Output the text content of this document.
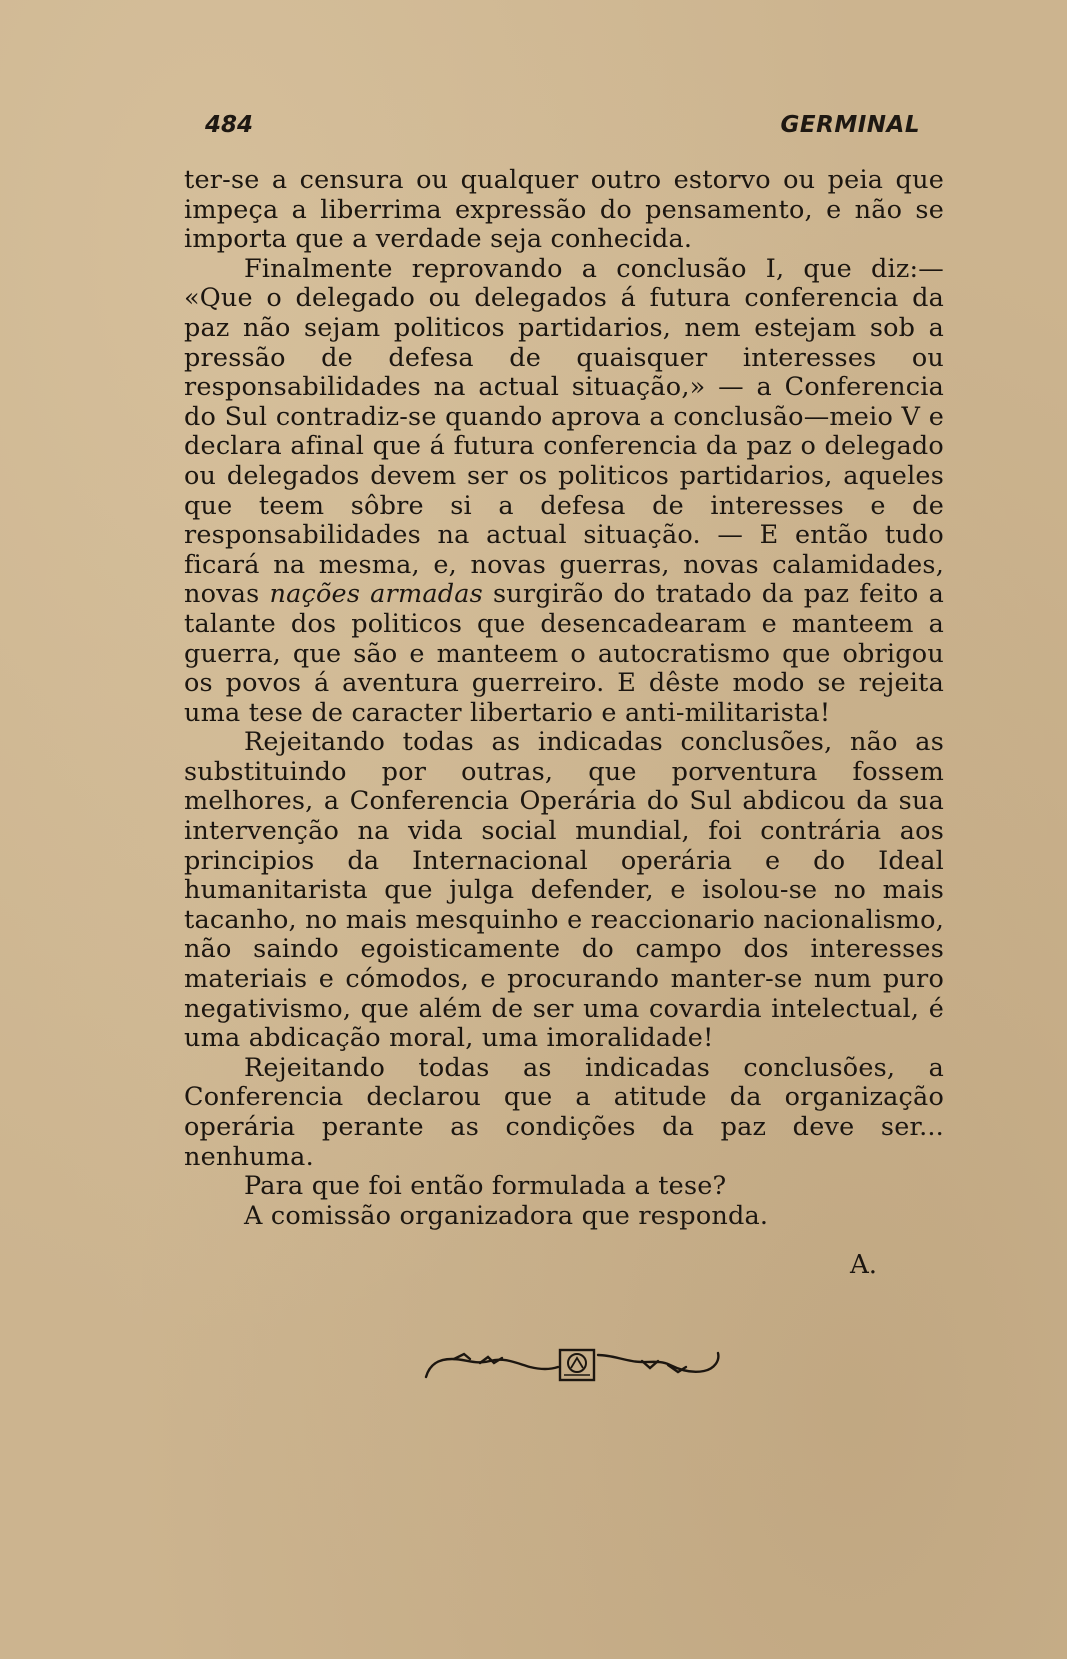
484	GERMINAL

ter-se a censura ou qualquer outro estorvo ou peia que impeça a liberrima expressão do pensamento, e não se importa que a verdade seja conhecida.

Finalmente reprovando a conclusão I, que diz:— «Que o delegado ou delegados á futura conferencia da paz não sejam politicos partidarios, nem estejam sob a pressão de defesa de quaisquer interesses ou responsabilidades na actual situação,» — a Conferencia do Sul contradiz-se quando aprova a conclusão—meio V e declara afinal que á futura conferencia da paz o delegado ou delegados devem ser os politicos partidarios, aqueles que teem sôbre si a defesa de interesses e de responsabilidades na actual situação. — E então tudo ficará na mesma, e, novas guerras, novas calamidades, novas nações armadas surgirão do tratado da paz feito a talante dos politicos que desencadearam e manteem a guerra, que são e manteem o autocratismo que obrigou os povos á aventura guerreiro. E dêste modo se rejeita uma tese de caracter libertario e anti-militarista!

Rejeitando todas as indicadas conclusões, não as substituindo por outras, que porventura fossem melhores, a Conferencia Operária do Sul abdicou da sua intervenção na vida social mundial, foi contrária aos principios da Internacional operária e do Ideal humanitarista que julga defender, e isolou-se no mais tacanho, no mais mesquinho e reaccionario nacionalismo, não saindo egoisticamente do campo dos interesses materiais e cómodos, e procurando manter-se num puro negativismo, que além de ser uma covardia intelectual, é uma abdicação moral, uma imoralidade!

Rejeitando todas as indicadas conclusões, a Conferencia declarou que a atitude da organização operária perante as condições da paz deve ser... nenhuma.

Para que foi então formulada a tese?

A comissão organizadora que responda.

A.
